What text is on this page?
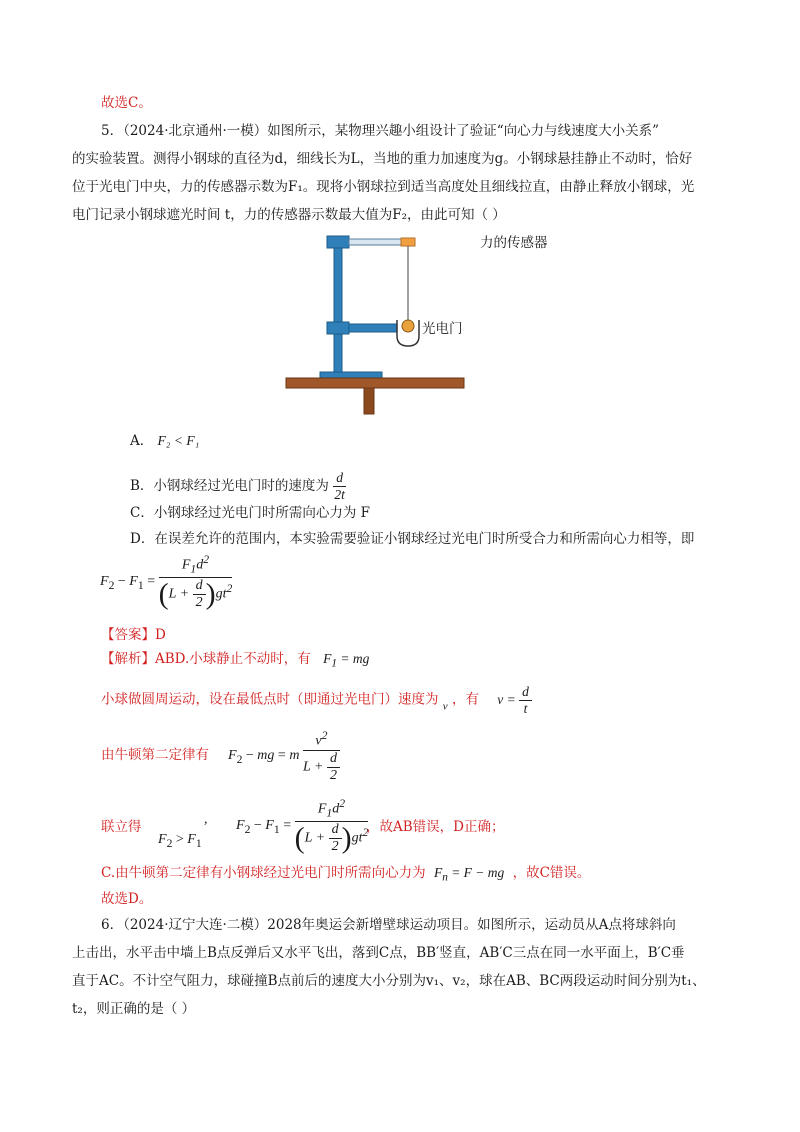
故选C。
5．（2024·北京通州·一模）如图所示，某物理兴趣小组设计了验证“向心力与线速度大小关系”
的实验装置。测得小钢球的直径为d，细线长为L，当地的重力加速度为g。小钢球悬挂静止不动时，恰好
位于光电门中央，力的传感器示数为F₁。现将小钢球拉到适当高度处且细线拉直，由静止释放小钢球，光
电门记录小钢球遮光时间 t，力的传感器示数最大值为F₂，由此可知（ ）
力的传感器
光电门
A． F₂ < F₁
B．小钢球经过光电门时的速度为 $\frac{d}{2t}$
C．小钢球经过光电门时所需向心力为 F
D．在误差允许的范围内，本实验需要验证小钢球经过光电门时所受合力和所需向心力相等，即
$F_2 - F_1 = \frac{F_1d^2}{(L + \frac{d}{2} )gt^2}$
【答案】D
【解析】ABD.小球静止不动时，有 $F_1$ = mg
小球做圆周运动，设在最低点时（即通过光电门）速度为 $_v$ ，有 $v = \frac{d}{t}$
由牛顿第二定律有	$F_2$ − mg = m $\frac{v^2}{L + \frac{d}{2}}$
联立得
$F_2 > F_1$
, $F_2 - F_1 = \frac{F_1d^2}{(L + \frac{d}{2} )gt^2}$
，故AB错误，D正确；
C.由牛顿第二定律有小钢球经过光电门时所需向心力为 $F_n = F$ − mg ，故C错误。
故选D。
6．（2024·辽宁大连·二模）2028年奥运会新增壁球运动项目。如图所示，运动员从A点将球斜向
上击出，水平击中墙上B点反弹后又水平飞出，落到C点，BB′竖直，AB′C三点在同一水平面上，B′C垂
直于AC。不计空气阻力，球碰撞B点前后的速度大小分别为v₁、v₂，球在AB、BC两段运动时间分别为t₁、
t₂，则正确的是（ ）
